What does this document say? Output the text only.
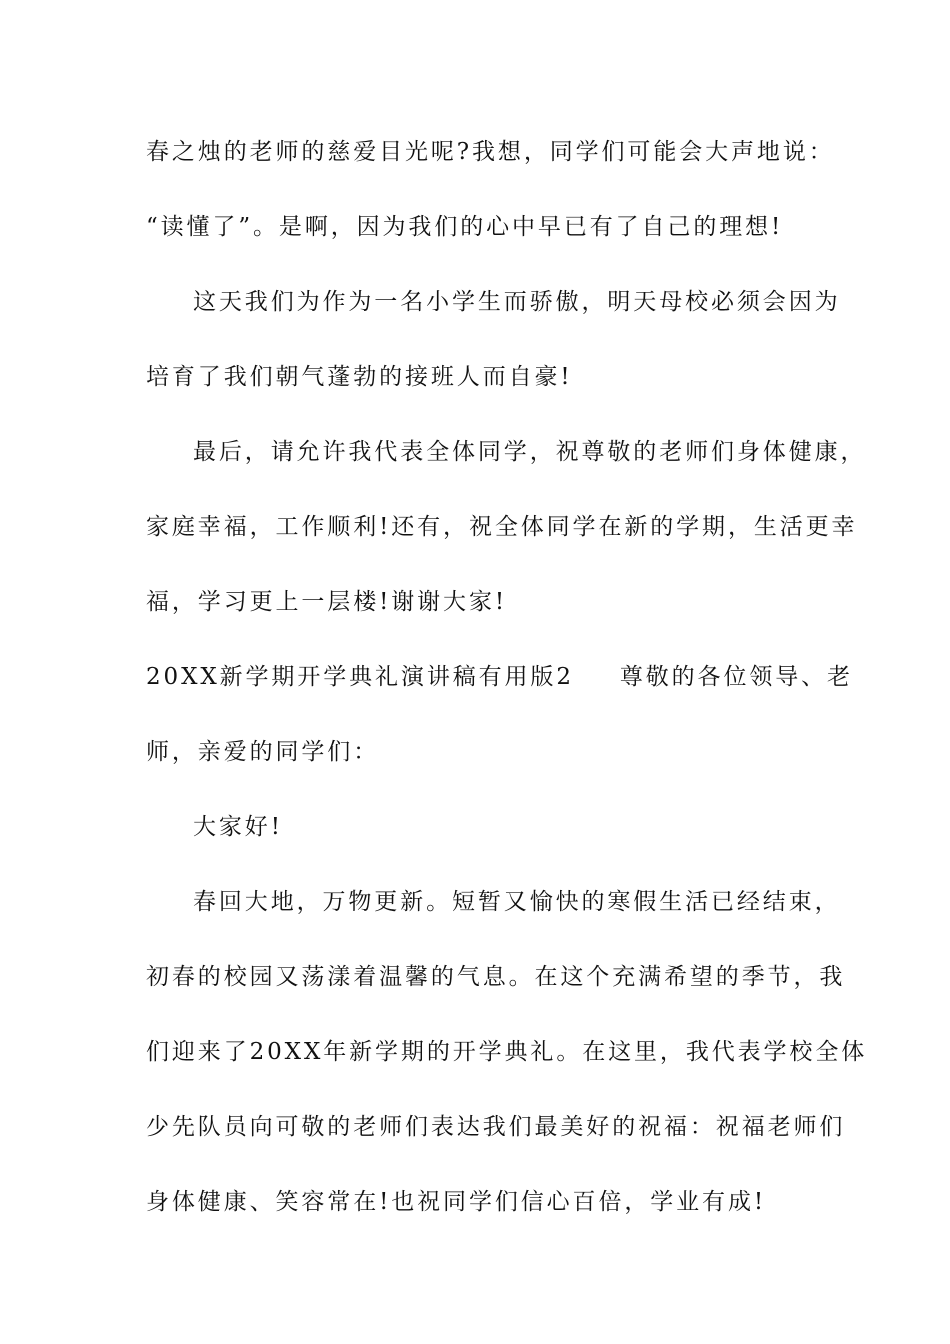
春之烛的老师的慈爱目光呢?我想，同学们可能会大声地说：
“读懂了”。是啊，因为我们的心中早已有了自己的理想!
这天我们为作为一名小学生而骄傲，明天母校必须会因为
培育了我们朝气蓬勃的接班人而自豪!
最后，请允许我代表全体同学，祝尊敬的老师们身体健康，
家庭幸福，工作顺利!还有，祝全体同学在新的学期，生活更幸
福，学习更上一层楼!谢谢大家!
20XX新学期开学典礼演讲稿有用版2 尊敬的各位领导、老
师，亲爱的同学们：
大家好!
春回大地，万物更新。短暂又愉快的寒假生活已经结束，
初春的校园又荡漾着温馨的气息。在这个充满希望的季节，我
们迎来了20XX年新学期的开学典礼。在这里，我代表学校全体
少先队员向可敬的老师们表达我们最美好的祝福：祝福老师们
身体健康、笑容常在!也祝同学们信心百倍，学业有成!
